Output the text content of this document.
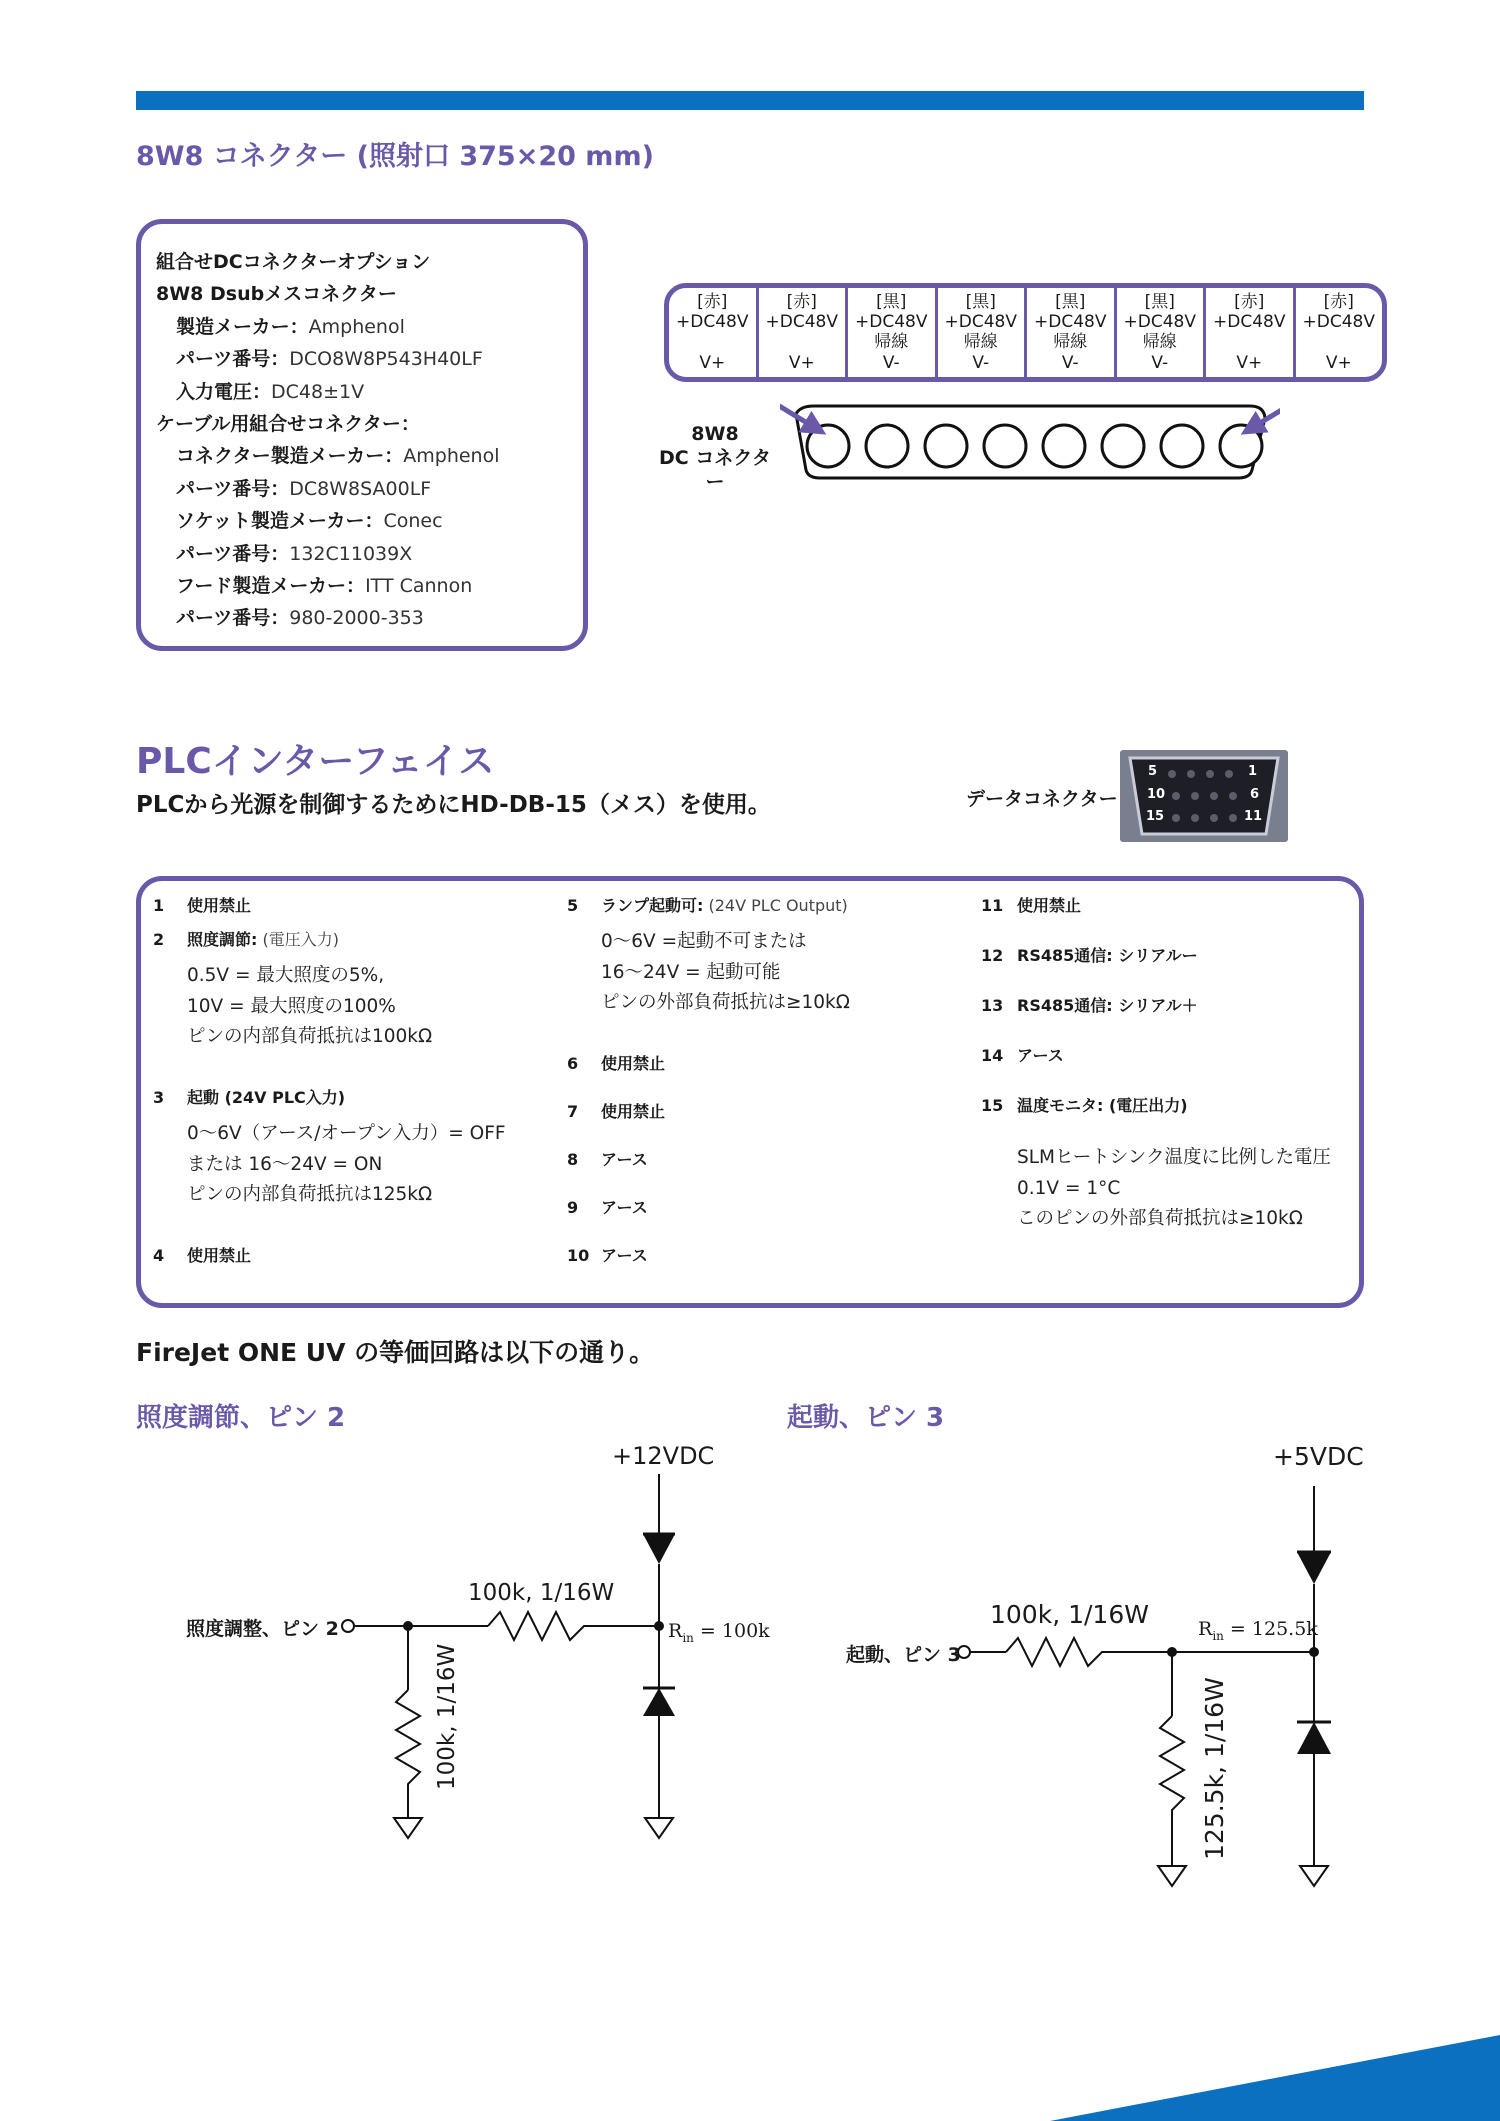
8W8 コネクター (照射口 375×20 mm)
組合せDCコネクターオプション
8W8 Dsubメスコネクター
製造メーカー：Amphenol
パーツ番号：DCO8W8P543H40LF
入力電圧：DC48±1V
ケーブル用組合せコネクター：
コネクター製造メーカー：Amphenol
パーツ番号：DC8W8SA00LF
ソケット製造メーカー：Conec
パーツ番号：132C11039X
フード製造メーカー：ITT Cannon
パーツ番号：980-2000-353
[赤]
+DC48V
V+
[赤]
+DC48V
V+
[黒]
+DC48V
帰線
V-
[黒]
+DC48V
帰線
V-
[黒]
+DC48V
帰線
V-
[黒]
+DC48V
帰線
V-
[赤]
+DC48V
V+
[赤]
+DC48V
V+
8W8
DC コネクター
PLCインターフェイス
PLCから光源を制御するためにHD-DB-15（メス）を使用。	データコネクター
5	1
10	6
15	11
1 使用禁止
2 照度調節: (電圧入力)
0.5V = 最大照度の5%,
10V = 最大照度の100%
ピンの内部負荷抵抗は100kΩ
3 起動 (24V PLC入力)
0～6V（アース/オープン入力）= OFF
または 16～24V = ON
ピンの内部負荷抵抗は125kΩ
4 使用禁止
5 ランプ起動可: (24V PLC Output)
0～6V =起動不可または
16～24V = 起動可能
ピンの外部負荷抵抗は≥10kΩ
6 使用禁止
7 使用禁止
8 アース
9 アース
10 アース
11 使用禁止
12 RS485通信: シリアルー
13 RS485通信: シリアル＋
14 アース
15 温度モニタ: (電圧出力)
SLMヒートシンク温度に比例した電圧
0.1V = 1°C
このピンの外部負荷抵抗は≥10kΩ
FireJet ONE UV の等価回路は以下の通り。
照度調節、ピン 2	起動、ピン 3
+12VDC
照度調整、ピン 2
100k, 1/16W
100k, 1/16W
$R_{in} = 100k$
+5VDC
起動、ピン 3
100k, 1/16W
125.5k, 1/16W
$R_{in} = 125.5k$
